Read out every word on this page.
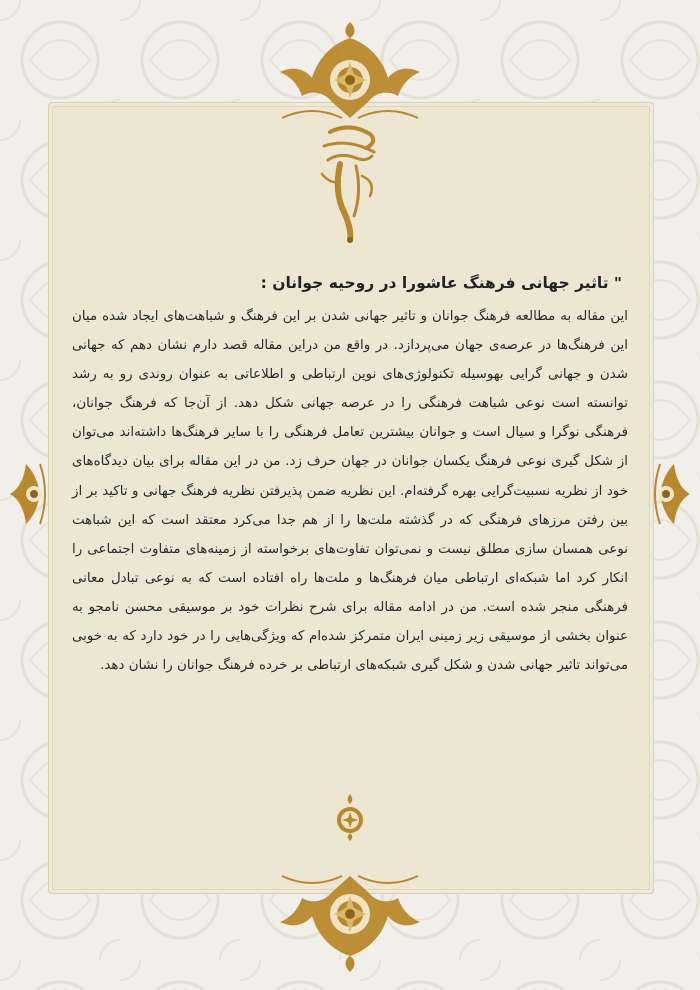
" تاثیر جهانی فرهنگ عاشورا در روحیه جوانان :

این مقاله به مطالعه فرهنگ جوانان و تاثیر جهانی شدن بر این فرهنگ و شباهت‌های ایجاد شده میان این فرهنگ‌ها در عرصه‌ی جهان می‌پردازد. در واقع من دراین مقاله قصد دارم نشان دهم که جهانی شدن و جهانی گرایی بهوسیله تکنولوژی‌های نوین ارتباطی و اطلاعاتی به عنوان روندی رو به رشد توانسته است نوعی شباهت فرهنگی را در عرصه جهانی شکل دهد. از آن‌جا که فرهنگ جوانان، فرهنگی نوگرا و سیال است و جوانان بیشترین تعامل فرهنگی را با سایر فرهنگ‌ها داشته‌اند می‌توان از شکل گیری نوعی فرهنگ یکسان جوانان در جهان حرف زد. من در این مقاله برای بیان دیدگاه‌های خود از نظریه نسبیت‌گرایی بهره گرفته‌ام. این نظریه ضمن پذیرفتن نظریه فرهنگ جهانی و تاکید بر از بین رفتن مرزهای فرهنگی که در گذشته ملت‌ها را از هم جدا می‌کرد معتقد است که این شباهت نوعی همسان سازی مطلق نیست و نمی‌توان تفاوت‌های برخواسته از زمینه‌های متفاوت اجتماعی را انکار کرد اما شبکه‌ای ارتباطی میان فرهنگ‌ها و ملت‌ها راه افتاده است که به نوعی تبادل معانی فرهنگی منجر شده است. من در ادامه مقاله برای شرح نظرات خود بر موسیقی محسن نامجو به عنوان بخشی از موسیقی زیر زمینی ایران متمرکز شده‌ام که ویژگی‌هایی را در خود دارد که به خوبی می‌تواند تاثیر جهانی شدن و شکل گیری شبکه‌های ارتباطی بر خرده فرهنگ جوانان را نشان دهد.
